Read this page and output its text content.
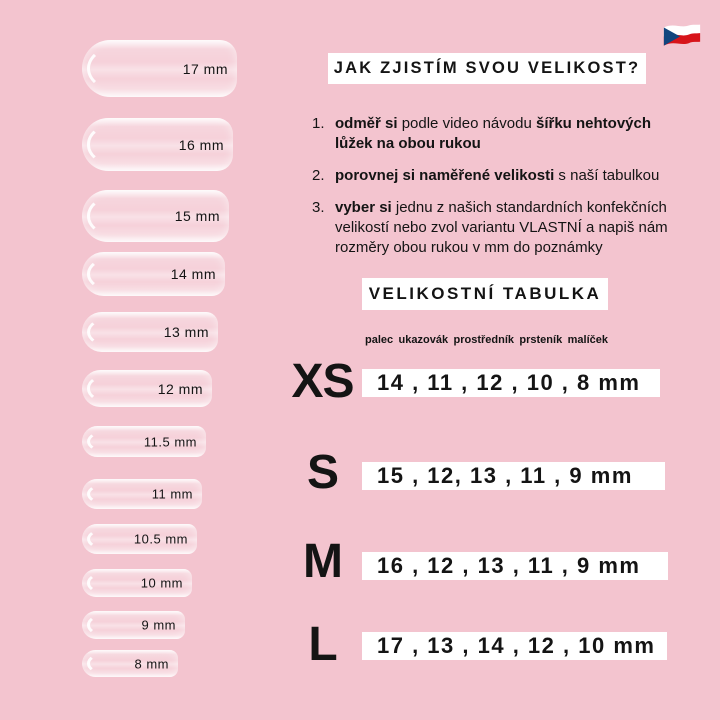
17 mm
16 mm
15 mm
14 mm
13 mm
12 mm
11.5 mm
11 mm
10.5 mm
10 mm
9 mm
8 mm
JAK ZJISTÍM SVOU VELIKOST?
1. odměř si podle video návodu šířku nehtových lůžek na obou rukou
2. porovnej si naměřené velikosti s naší tabulkou
3. vyber si jednu z našich standardních konfekčních velikostí nebo zvol variantu VLASTNÍ a napiš nám rozměry obou rukou v mm do poznámky
VELIKOSTNÍ TABULKA
palec ukazovák prostředník prsteník malíček
XS 14 , 11 , 12 , 10 , 8 mm
S	15 , 12, 13 , 11 , 9 mm
M	16 , 12 , 13 , 11 , 9 mm
L	17 , 13 , 14 , 12 , 10 mm
